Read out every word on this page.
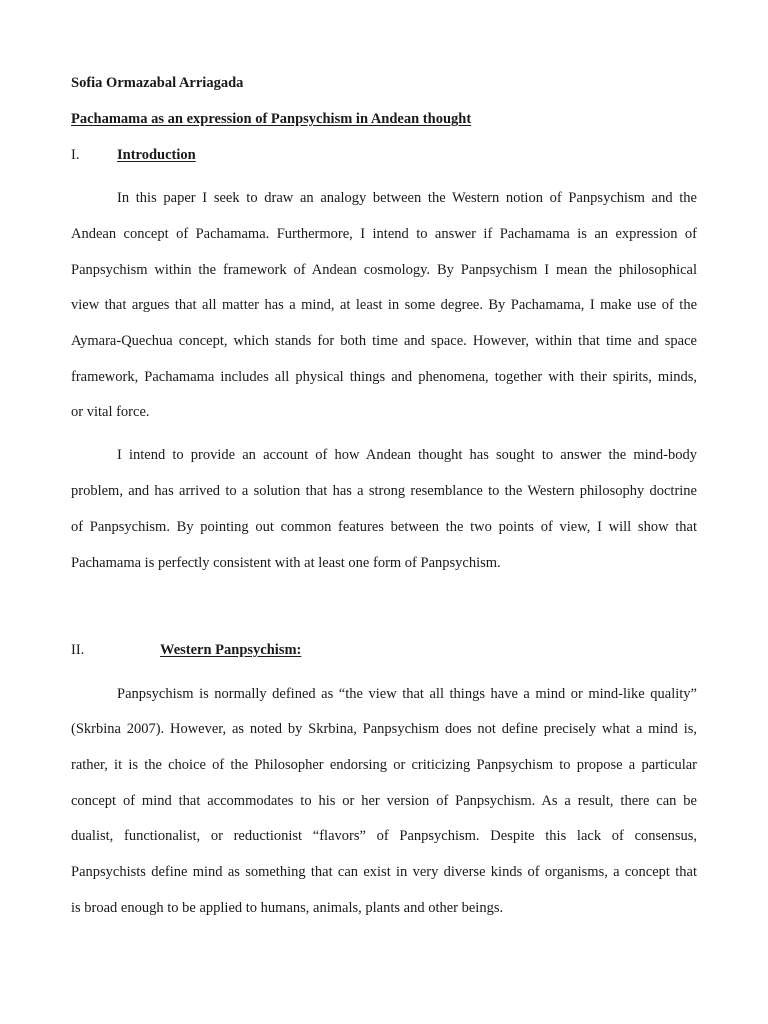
Sofia Ormazabal Arriagada
Pachamama as an expression of Panpsychism in Andean thought
I.	Introduction
In this paper I seek to draw an analogy between the Western notion of Panpsychism and the
Andean concept of Pachamama. Furthermore, I intend to answer if Pachamama is an expression of
Panpsychism within the framework of Andean cosmology. By Panpsychism I mean the philosophical
view that argues that all matter has a mind, at least in some degree. By Pachamama, I make use of the
Aymara-Quechua concept, which stands for both time and space. However, within that time and space
framework, Pachamama includes all physical things and phenomena, together with their spirits, minds,
or vital force.
I intend to provide an account of how Andean thought has sought to answer the mind-body
problem, and has arrived to a solution that has a strong resemblance to the Western philosophy doctrine
of Panpsychism. By pointing out common features between the two points of view, I will show that
Pachamama is perfectly consistent with at least one form of Panpsychism.
II.	Western Panpsychism:
Panpsychism is normally defined as “the view that all things have a mind or mind-like quality”
(Skrbina 2007). However, as noted by Skrbina, Panpsychism does not define precisely what a mind is,
rather, it is the choice of the Philosopher endorsing or criticizing Panpsychism to propose a particular
concept of mind that accommodates to his or her version of Panpsychism. As a result, there can be
dualist, functionalist, or reductionist “flavors” of Panpsychism. Despite this lack of consensus,
Panpsychists define mind as something that can exist in very diverse kinds of organisms, a concept that
is broad enough to be applied to humans, animals, plants and other beings.
